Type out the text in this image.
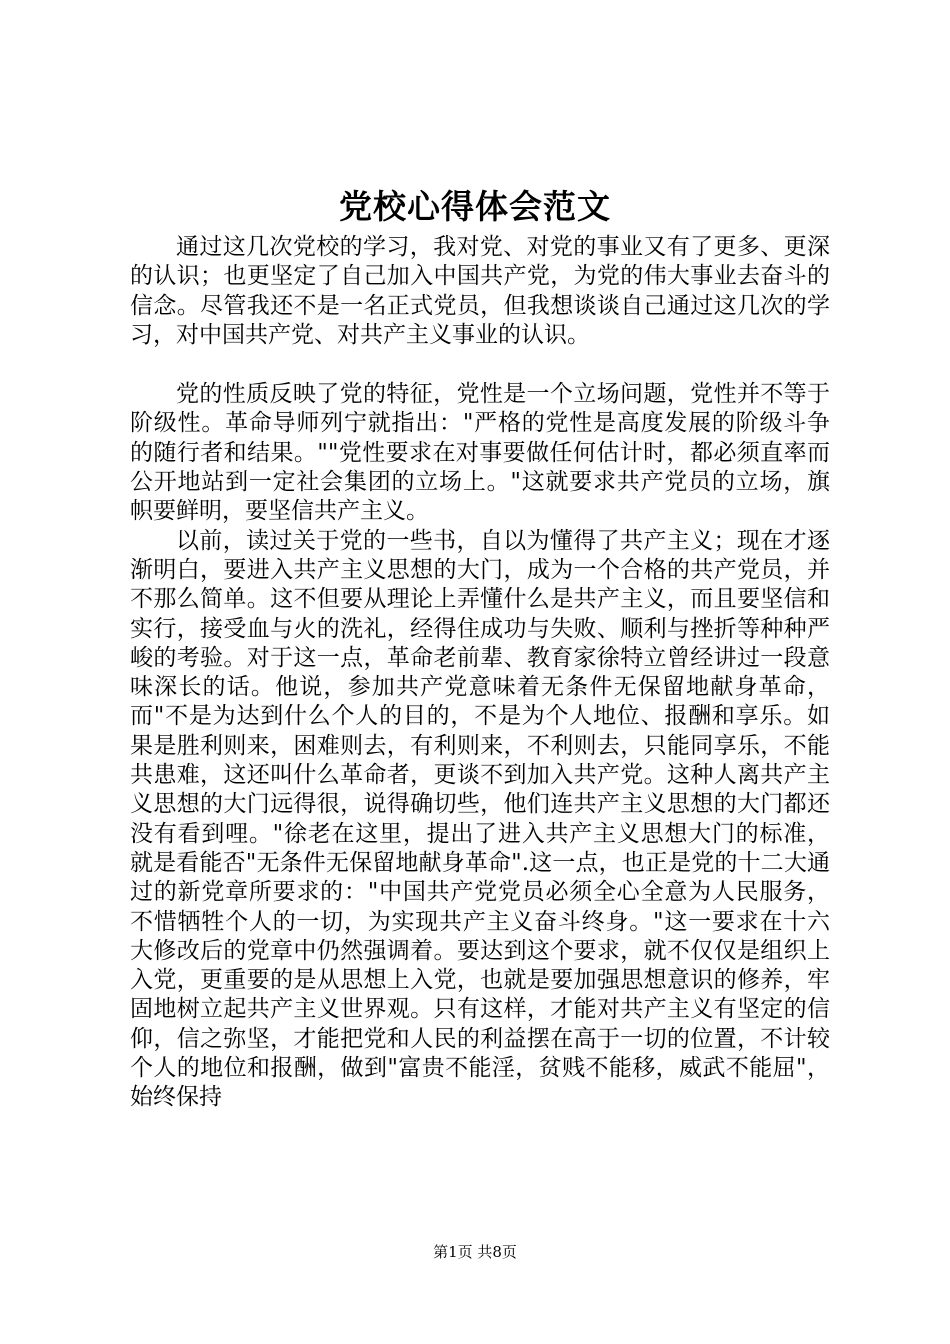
党校心得体会范文

通过这几次党校的学习，我对党、对党的事业又有了更多、更深的认识；也更坚定了自己加入中国共产党，为党的伟大事业去奋斗的信念。尽管我还不是一名正式党员，但我想谈谈自己通过这几次的学习，对中国共产党、对共产主义事业的认识。

党的性质反映了党的特征，党性是一个立场问题，党性并不等于阶级性。革命导师列宁就指出："严格的党性是高度发展的阶级斗争的随行者和结果。""党性要求在对事要做任何估计时，都必须直率而公开地站到一定社会集团的立场上。"这就要求共产党员的立场，旗帜要鲜明，要坚信共产主义。

以前，读过关于党的一些书，自以为懂得了共产主义；现在才逐渐明白，要进入共产主义思想的大门，成为一个合格的共产党员，并不那么简单。这不但要从理论上弄懂什么是共产主义，而且要坚信和实行，接受血与火的洗礼，经得住成功与失败、顺利与挫折等种种严峻的考验。对于这一点，革命老前辈、教育家徐特立曾经讲过一段意味深长的话。他说，参加共产党意味着无条件无保留地献身革命，而"不是为达到什么个人的目的，不是为个人地位、报酬和享乐。如果是胜利则来，困难则去，有利则来，不利则去，只能同享乐，不能共患难，这还叫什么革命者，更谈不到加入共产党。这种人离共产主义思想的大门远得很，说得确切些，他们连共产主义思想的大门都还没有看到哩。"徐老在这里，提出了进入共产主义思想大门的标准，就是看能否"无条件无保留地献身革命".这一点，也正是党的十二大通过的新党章所要求的："中国共产党党员必须全心全意为人民服务，不惜牺牲个人的一切，为实现共产主义奋斗终身。"这一要求在十六大修改后的党章中仍然强调着。要达到这个要求，就不仅仅是组织上入党，更重要的是从思想上入党，也就是要加强思想意识的修养，牢固地树立起共产主义世界观。只有这样，才能对共产主义有坚定的信仰，信之弥坚，才能把党和人民的利益摆在高于一切的位置，不计较个人的地位和报酬，做到"富贵不能淫，贫贱不能移，威武不能屈"，始终保持

第1页 共8页
